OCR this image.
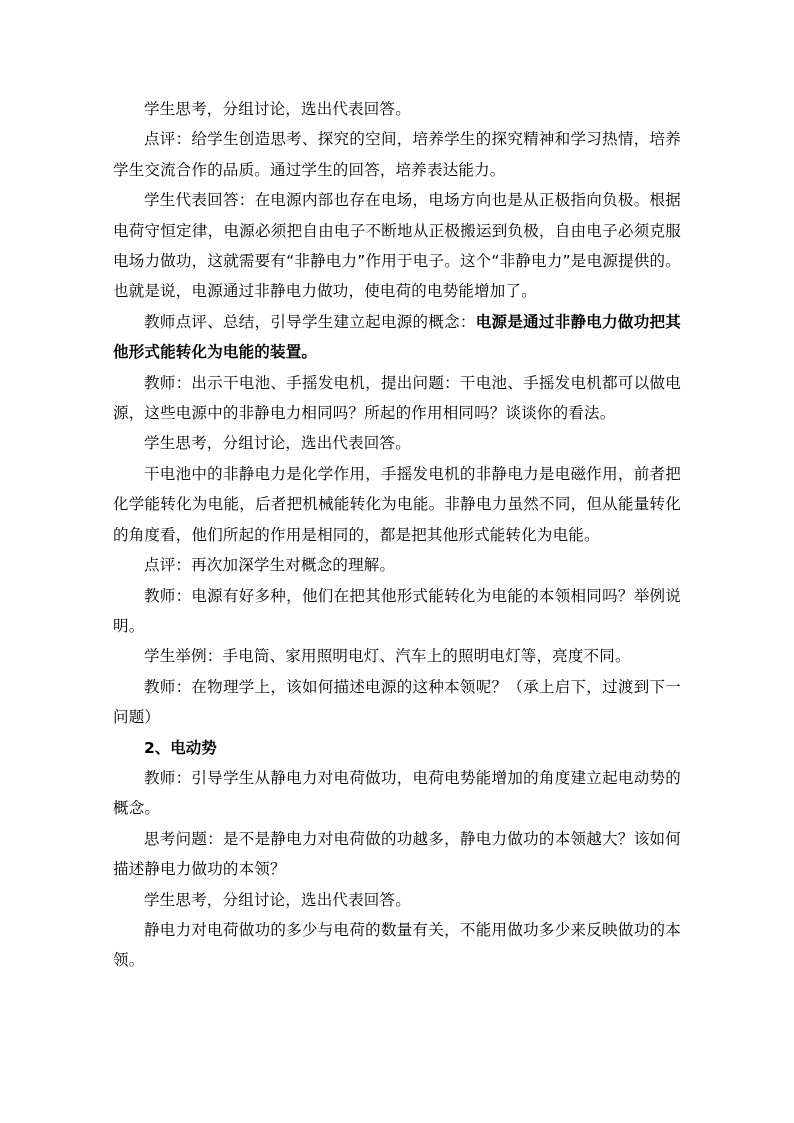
学生思考，分组讨论，选出代表回答。

点评：给学生创造思考、探究的空间，培养学生的探究精神和学习热情，培养学生交流合作的品质。通过学生的回答，培养表达能力。

学生代表回答：在电源内部也存在电场，电场方向也是从正极指向负极。根据电荷守恒定律，电源必须把自由电子不断地从正极搬运到负极，自由电子必须克服电场力做功，这就需要有“非静电力”作用于电子。这个“非静电力”是电源提供的。也就是说，电源通过非静电力做功，使电荷的电势能增加了。

教师点评、总结，引导学生建立起电源的概念：电源是通过非静电力做功把其他形式能转化为电能的装置。

教师：出示干电池、手摇发电机，提出问题：干电池、手摇发电机都可以做电源，这些电源中的非静电力相同吗？所起的作用相同吗？谈谈你的看法。

学生思考，分组讨论，选出代表回答。

干电池中的非静电力是化学作用，手摇发电机的非静电力是电磁作用，前者把化学能转化为电能，后者把机械能转化为电能。非静电力虽然不同，但从能量转化的角度看，他们所起的作用是相同的，都是把其他形式能转化为电能。

点评：再次加深学生对概念的理解。

教师：电源有好多种，他们在把其他形式能转化为电能的本领相同吗？举例说明。

学生举例：手电筒、家用照明电灯、汽车上的照明电灯等，亮度不同。

教师：在物理学上，该如何描述电源的这种本领呢？（承上启下，过渡到下一问题）

2、电动势

教师：引导学生从静电力对电荷做功，电荷电势能增加的角度建立起电动势的概念。

思考问题：是不是静电力对电荷做的功越多，静电力做功的本领越大？该如何描述静电力做功的本领？

学生思考，分组讨论，选出代表回答。

静电力对电荷做功的多少与电荷的数量有关，不能用做功多少来反映做功的本领。
